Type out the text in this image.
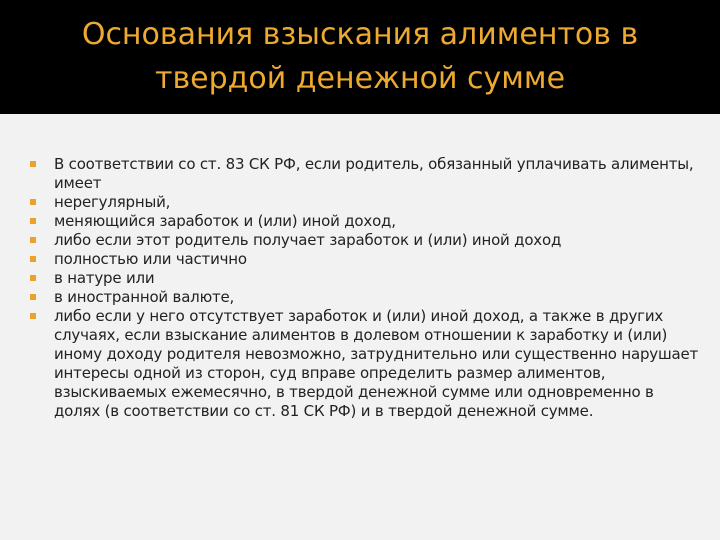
Основания взыскания алиментов в твердой денежной сумме
В соответствии со ст. 83 СК РФ, если родитель, обязанный уплачивать алименты, имеет
нерегулярный,
меняющийся заработок и (или) иной доход,
либо если этот родитель получает заработок и (или) иной доход
полностью или частично
в натуре или
в иностранной валюте,
либо если у него отсутствует заработок и (или) иной доход, а также в других случаях, если взыскание алиментов в долевом отношении к заработку и (или) иному доходу родителя невозможно, затруднительно или существенно нарушает интересы одной из сторон, суд вправе определить размер алиментов, взыскиваемых ежемесячно, в твердой денежной сумме или одновременно в долях (в соответствии со ст. 81 СК РФ) и в твердой денежной сумме.
